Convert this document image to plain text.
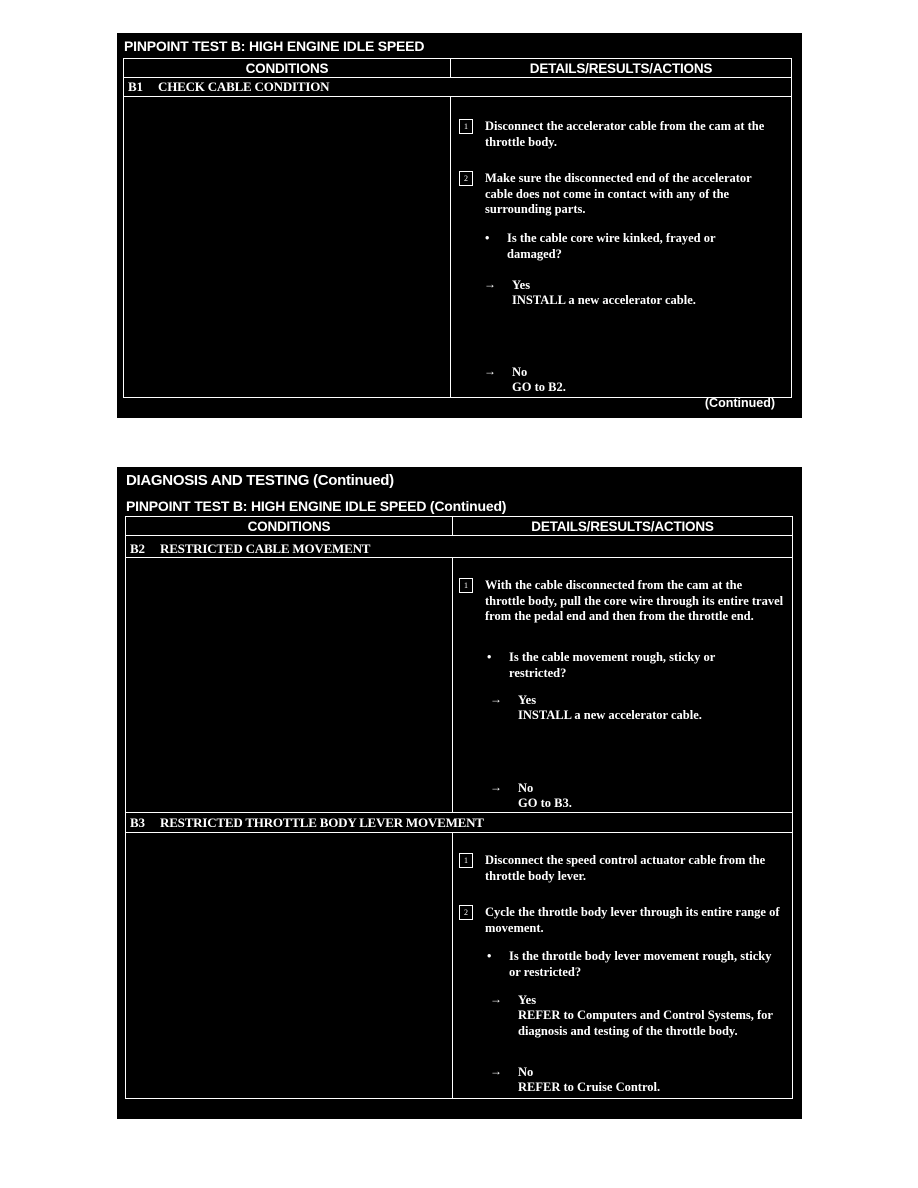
PINPOINT TEST B: HIGH ENGINE IDLE SPEED
CONDITIONS	DETAILS/RESULTS/ACTIONS
B1 CHECK CABLE CONDITION
1	Disconnect the accelerator cable from the cam at the throttle body.
2	Make sure the disconnected end of the accelerator cable does not come in contact with any of the surrounding parts.
• Is the cable core wire kinked, frayed or damaged?
→ Yes
INSTALL a new accelerator cable.
→ No
GO to B2.
(Continued)
DIAGNOSIS AND TESTING (Continued)
PINPOINT TEST B: HIGH ENGINE IDLE SPEED (Continued)
CONDITIONS	DETAILS/RESULTS/ACTIONS
B2 RESTRICTED CABLE MOVEMENT
1	With the cable disconnected from the cam at the throttle body, pull the core wire through its entire travel from the pedal end and then from the throttle end.
• Is the cable movement rough, sticky or restricted?
→ Yes
INSTALL a new accelerator cable.
→ No
GO to B3.
B3 RESTRICTED THROTTLE BODY LEVER MOVEMENT
1	Disconnect the speed control actuator cable from the throttle body lever.
2	Cycle the throttle body lever through its entire range of movement.
• Is the throttle body lever movement rough, sticky or restricted?
→ Yes
REFER to Computers and Control Systems, for diagnosis and testing of the throttle body.
→ No
REFER to Cruise Control.
